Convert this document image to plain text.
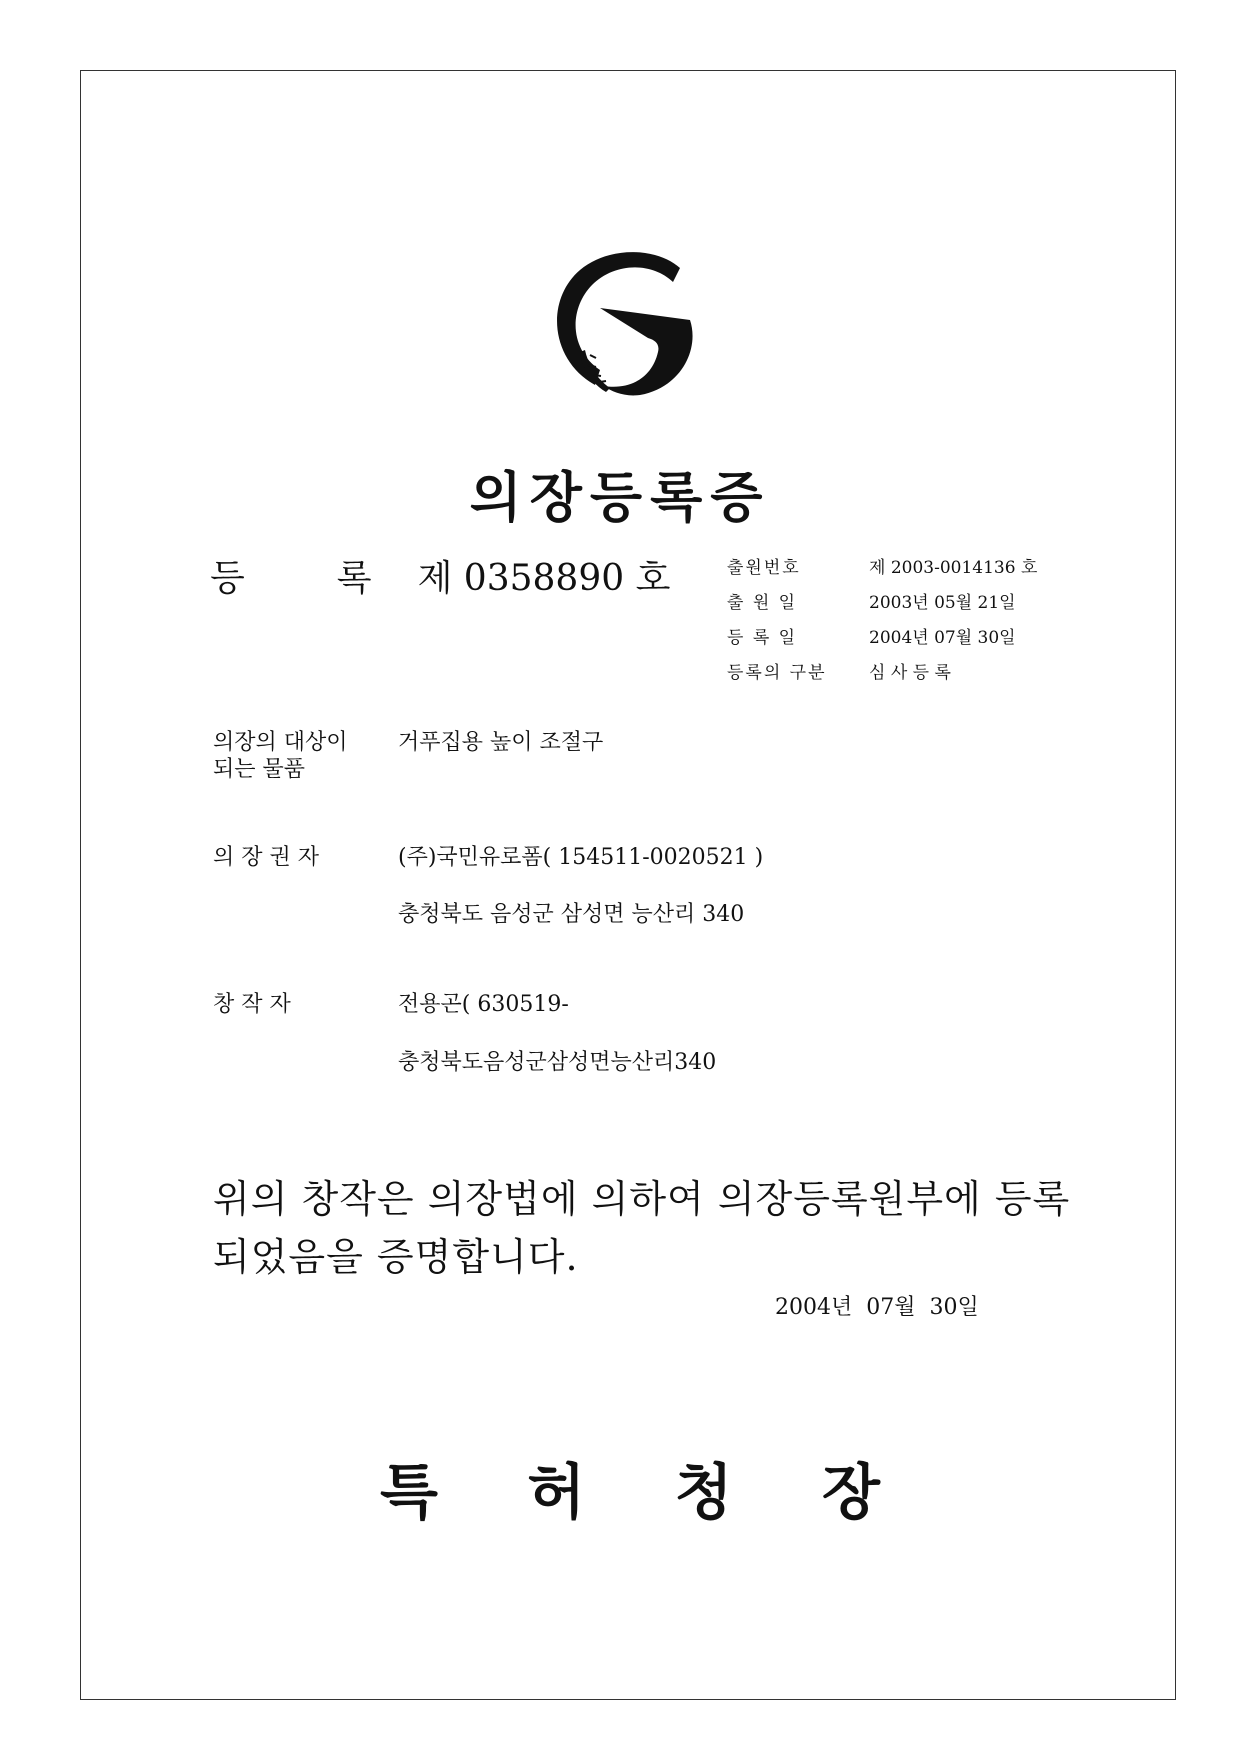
의장등록증
등	록 제 0358890 호	출원번호	제 2003-0014136 호
출 원 일	2003년 05월 21일
등 록 일	2004년 07월 30일
등록의 구분	심 사 등 록
의장의 대상이	거푸집용 높이 조절구
되는 물품
의 장 권 자	(주)국민유로폼( 154511-0020521 )
충청북도 음성군 삼성면 능산리 340
창 작 자	전용곤( 630519-
충청북도음성군삼성면능산리340
위의 창작은 의장법에 의하여 의장등록원부에 등록
되었음을 증명합니다.
2004년  07월  30일
특 허 청 장
